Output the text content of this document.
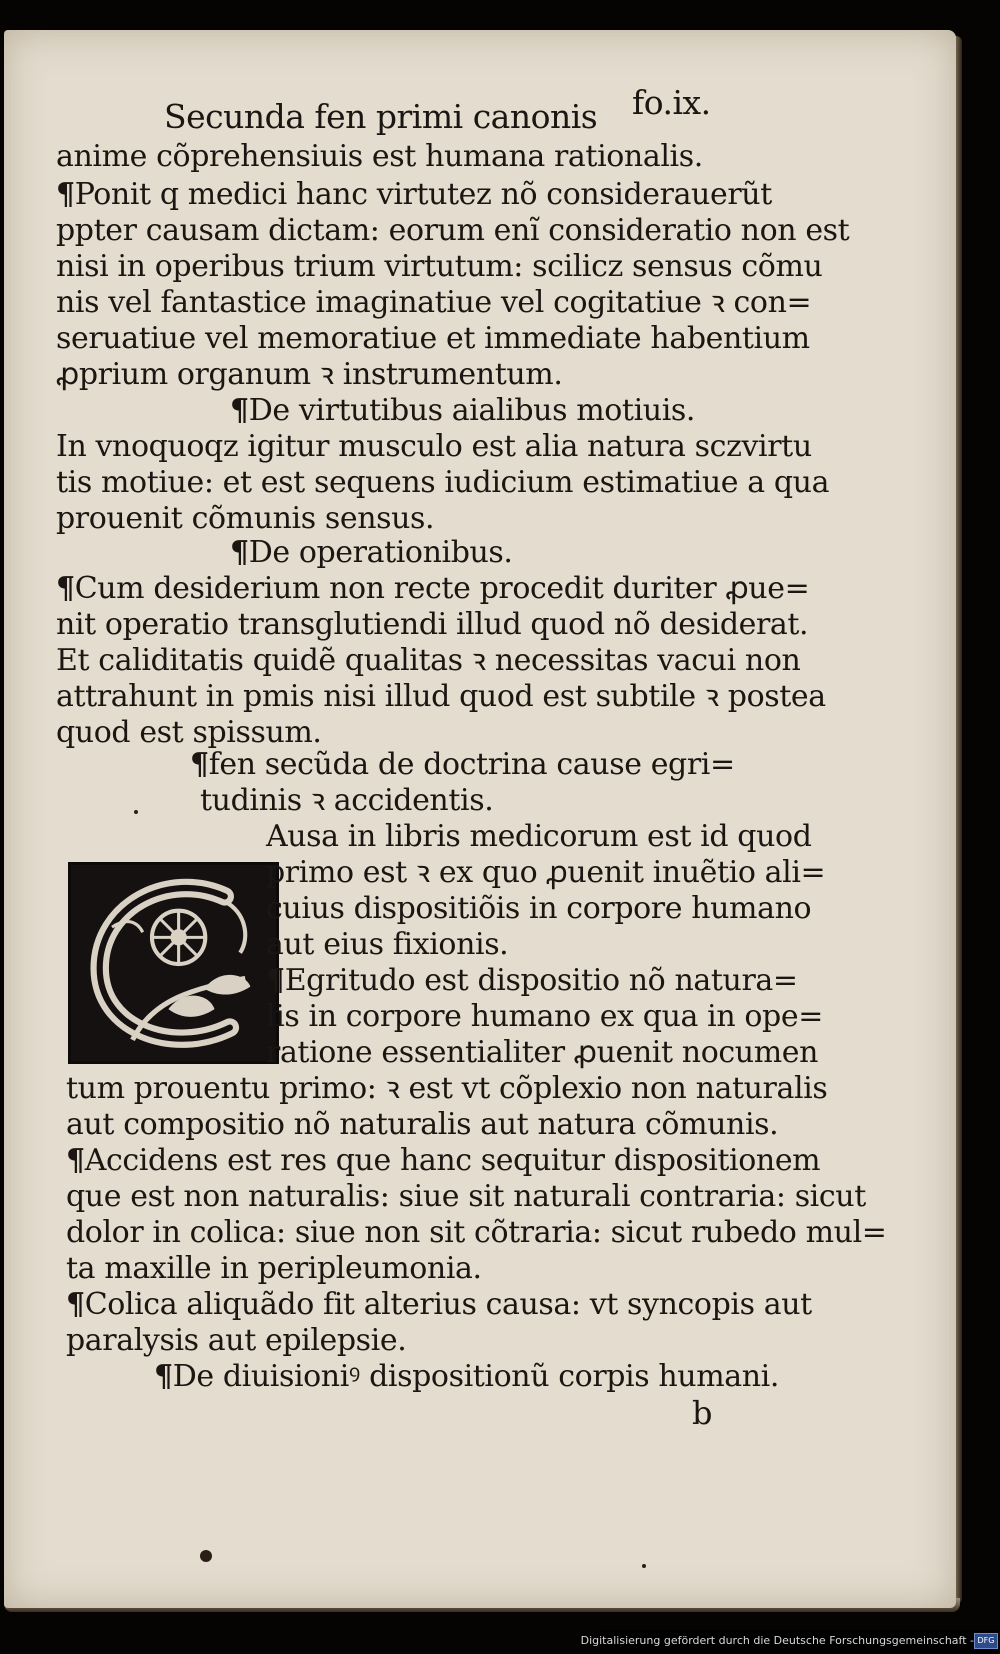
Secunda fen primi canonis fo.ix.
anime cõprehensiuis est humana rationalis.
¶Ponit q medici hanc virtutez nõ considerauerũt
ppter causam dictam: eorum enĩ consideratio non est
nisi in operibus trium virtutum: scilicz sensus cõmu
nis vel fantastice imaginatiue vel cogitatiue ꝛ con=
seruatiue vel memoratiue et immediate habentium
ꝓprium organum ꝛ instrumentum.
¶De virtutibus aialibus motiuis.
In vnoquoqz igitur musculo est alia natura sczvirtu
tis motiue: et est sequens iudicium estimatiue a qua
prouenit cõmunis sensus.
¶De operationibus.
¶Cum desiderium non recte procedit duriter ꝓue=
nit operatio transglutiendi illud quod nõ desiderat.
Et caliditatis quidẽ qualitas ꝛ necessitas vacui non
attrahunt in pmis nisi illud quod est subtile ꝛ postea
quod est spissum.
¶fen secũda de doctrina cause egri=
tudinis ꝛ accidentis.
Ausa in libris medicorum est id quod
primo est ꝛ ex quo ꝓuenit inuẽtio ali=
cuius dispositiõis in corpore humano
aut eius fixionis.
¶Egritudo est dispositio nõ natura=
lis in corpore humano ex qua in ope=
ratione essentialiter ꝓuenit nocumen
tum prouentu primo: ꝛ est vt cõplexio non naturalis
aut compositio nõ naturalis aut natura cõmunis.
¶Accidens est res que hanc sequitur dispositionem
que est non naturalis: siue sit naturali contraria: sicut
dolor in colica: siue non sit cõtraria: sicut rubedo mul=
ta maxille in peripleumonia.
¶Colica aliquãdo fit alterius causa: vt syncopis aut
paralysis aut epilepsie.
¶De diuisioniꝰ dispositionũ corpis humani.
b
Digitalisierung gefördert durch die Deutsche Forschungsgemeinschaft - DFG
